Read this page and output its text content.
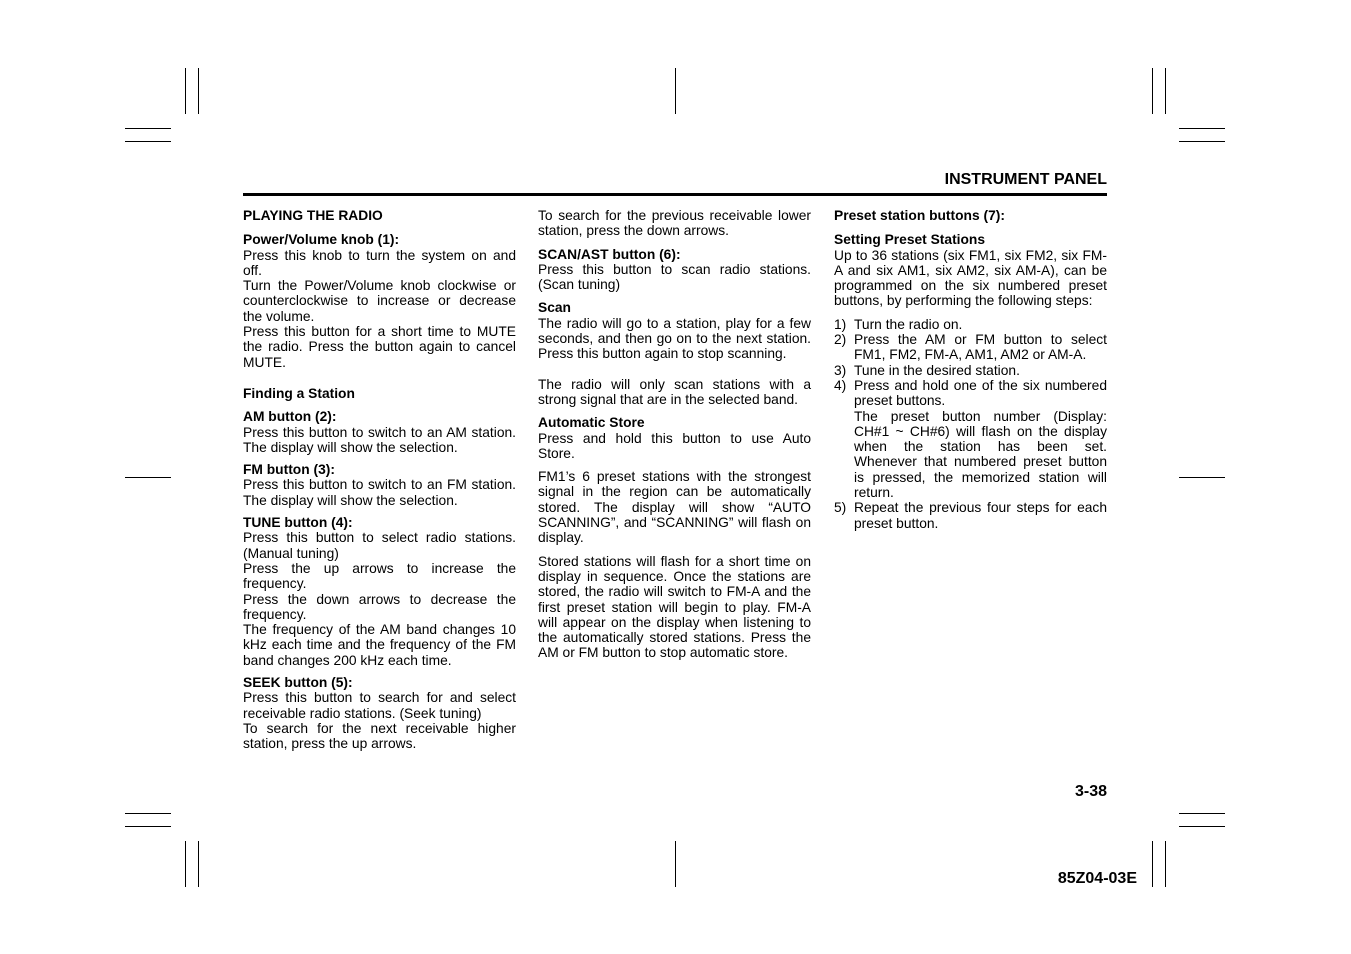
INSTRUMENT PANEL
PLAYING THE RADIO
Power/Volume knob (1):
Press this knob to turn the system on and off.
Turn the Power/Volume knob clockwise or counterclockwise to increase or decrease the volume.
Press this button for a short time to MUTE the radio. Press the button again to cancel MUTE.
Finding a Station
AM button (2):
Press this button to switch to an AM station. The display will show the selection.
FM button (3):
Press this button to switch to an FM station. The display will show the selection.
TUNE button (4):
Press this button to select radio stations. (Manual tuning)
Press the up arrows to increase the frequency.
Press the down arrows to decrease the frequency.
The frequency of the AM band changes 10 kHz each time and the frequency of the FM band changes 200 kHz each time.
SEEK button (5):
Press this button to search for and select receivable radio stations. (Seek tuning)
To search for the next receivable higher station, press the up arrows.
To search for the previous receivable lower station, press the down arrows.
SCAN/AST button (6):
Press this button to scan radio stations. (Scan tuning)
Scan
The radio will go to a station, play for a few seconds, and then go on to the next station. Press this button again to stop scanning.
The radio will only scan stations with a strong signal that are in the selected band.
Automatic Store
Press and hold this button to use Auto Store.
FM1’s 6 preset stations with the strongest signal in the region can be automatically stored. The display will show “AUTO SCANNING”, and “SCANNING” will flash on display.
Stored stations will flash for a short time on display in sequence. Once the stations are stored, the radio will switch to FM-A and the first preset station will begin to play. FM-A will appear on the display when listening to the automatically stored stations. Press the AM or FM button to stop automatic store.
Preset station buttons (7):
Setting Preset Stations
Up to 36 stations (six FM1, six FM2, six FM-A and six AM1, six AM2, six AM-A), can be programmed on the six numbered preset buttons, by performing the following steps:
1) Turn the radio on.
2) Press the AM or FM button to select FM1, FM2, FM-A, AM1, AM2 or AM-A.
3) Tune in the desired station.
4) Press and hold one of the six numbered preset buttons.
The preset button number (Display: CH#1 ~ CH#6) will flash on the display when the station has been set. Whenever that numbered preset button is pressed, the memorized station will return.
5) Repeat the previous four steps for each preset button.
3-38
85Z04-03E
